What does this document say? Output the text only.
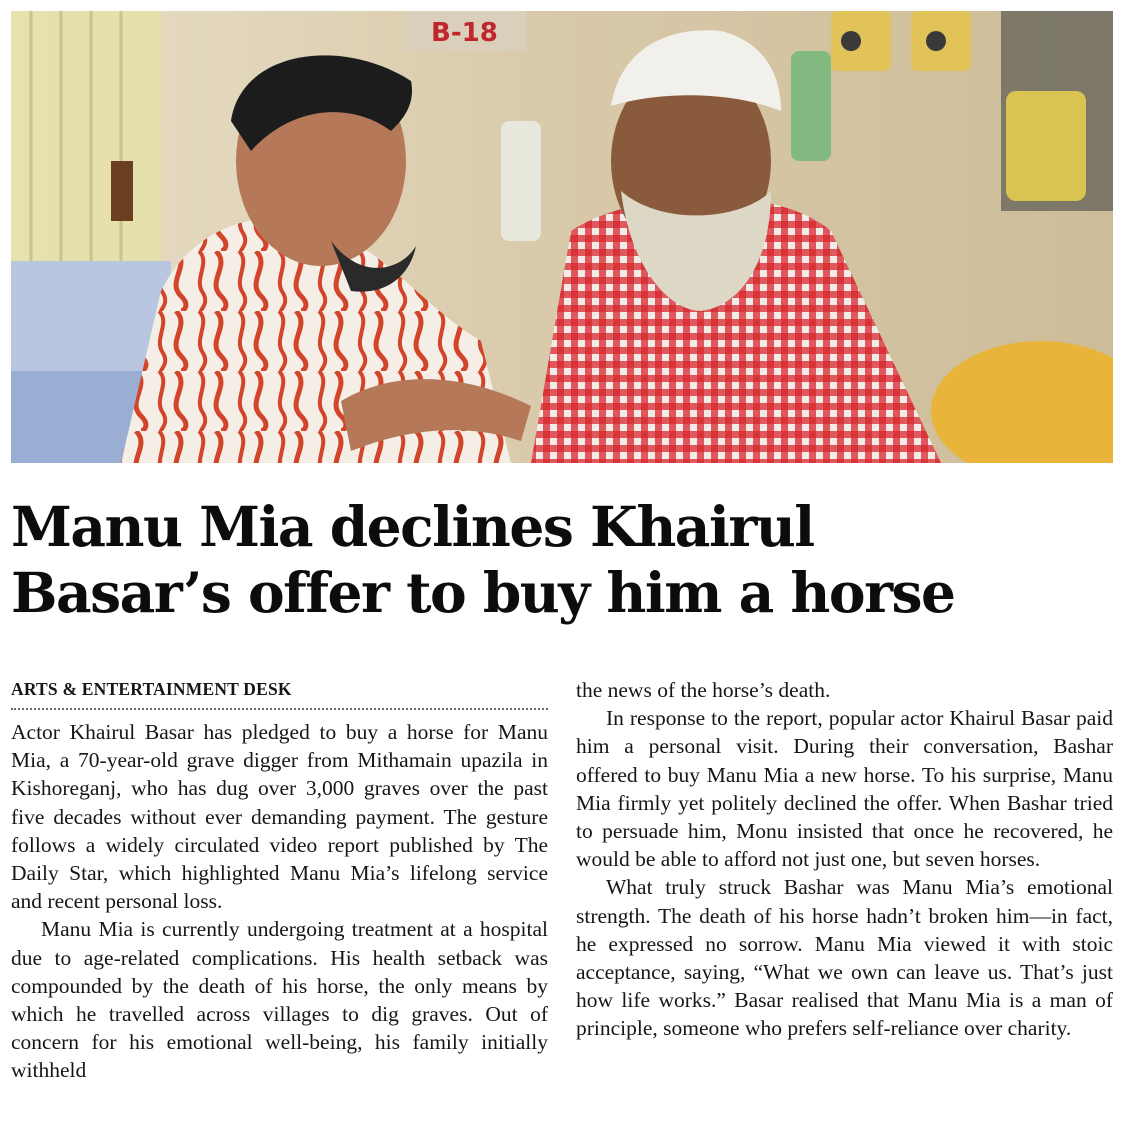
B-18
Manu Mia declines Khairul
Basar’s offer to buy him a horse
ARTS & ENTERTAINMENT DESK

Actor Khairul Basar has pledged to buy a horse for Manu Mia, a 70-year-old grave digger from Mithamain upazila in Kishoreganj, who has dug over 3,000 graves over the past five decades without ever demanding payment. The gesture follows a widely circulated video report published by The Daily Star, which highlighted Manu Mia’s lifelong service and recent personal loss.

Manu Mia is currently undergoing treatment at a hospital due to age-related complications. His health setback was compounded by the death of his horse, the only means by which he travelled across villages to dig graves. Out of concern for his emotional well-being, his family initially withheld

the news of the horse’s death.

In response to the report, popular actor Khairul Basar paid him a personal visit. During their conversation, Bashar offered to buy Manu Mia a new horse. To his surprise, Manu Mia firmly yet politely declined the offer. When Bashar tried to persuade him, Monu insisted that once he recovered, he would be able to afford not just one, but seven horses.

What truly struck Bashar was Manu Mia’s emotional strength. The death of his horse hadn’t broken him—in fact, he expressed no sorrow. Manu Mia viewed it with stoic acceptance, saying, “What we own can leave us. That’s just how life works.” Basar realised that Manu Mia is a man of principle, someone who prefers self-reliance over charity.
